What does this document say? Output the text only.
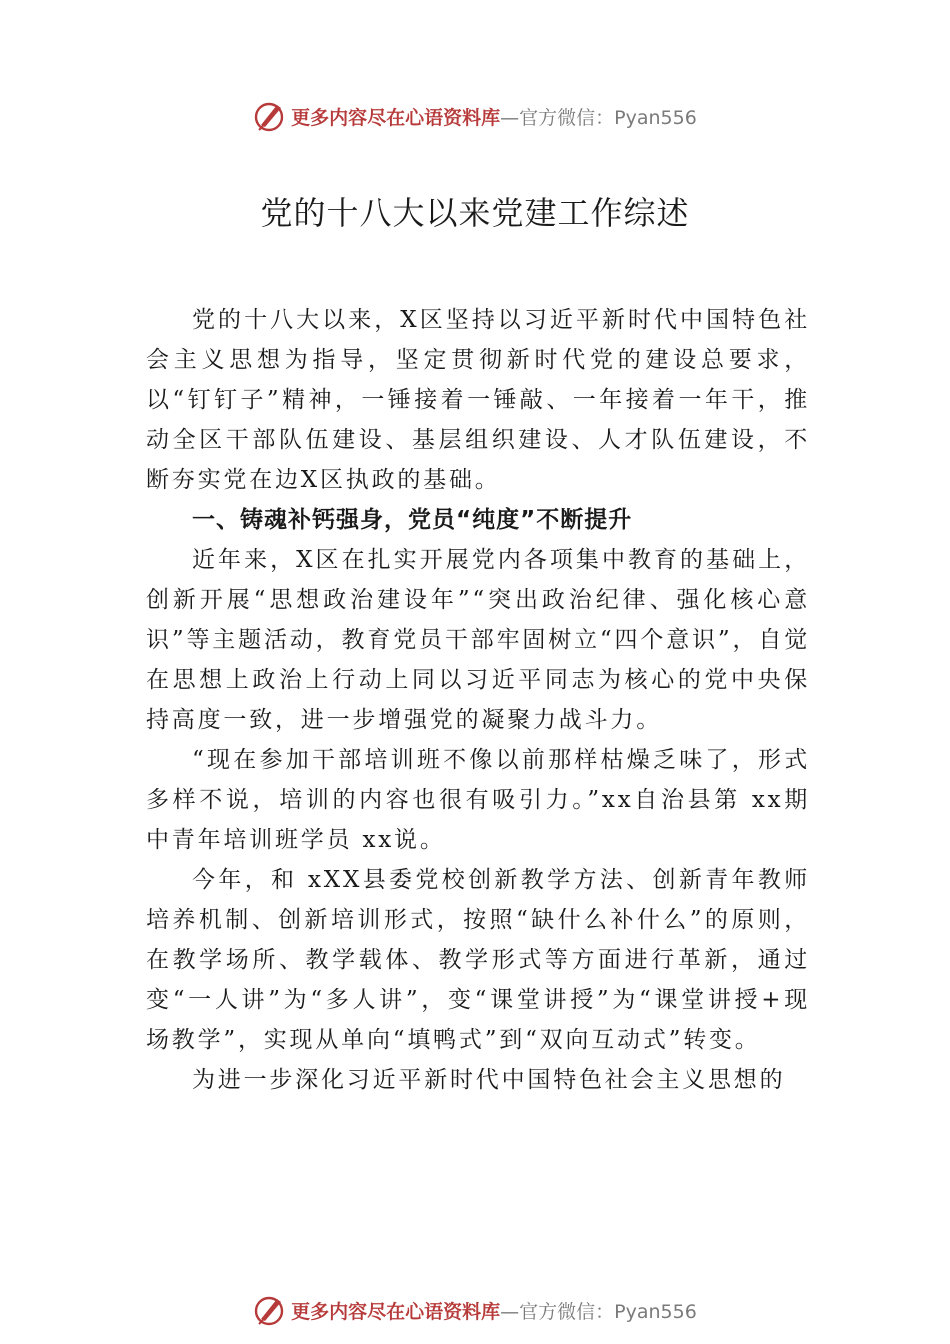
更多内容尽在心语资料库—官方微信：Pyan556
党的十八大以来党建工作综述

党的十八大以来，X区坚持以习近平新时代中国特色社会主义思想为指导，坚定贯彻新时代党的建设总要求，以“钉钉子”精神，一锤接着一锤敲、一年接着一年干，推动全区干部队伍建设、基层组织建设、人才队伍建设，不断夯实党在边X区执政的基础。

一、铸魂补钙强身，党员“纯度”不断提升

近年来，X区在扎实开展党内各项集中教育的基础上， 创新开展“思想政治建设年”“突出政治纪律、强化核心意识”等主题活动，教育党员干部牢固树立“四个意识”，自觉在思想上政治上行动上同以习近平同志为核心的党中央保持高度一致，进一步增强党的凝聚力战斗力。

“现在参加干部培训班不像以前那样枯燥乏味了，形式多样不说，培训的内容也很有吸引力。”xx自治县第 xx期中青年培训班学员 xx说。

今年，和 xXX县委党校创新教学方法、创新青年教师培养机制、创新培训形式，按照“缺什么补什么”的原则，在教学场所、教学载体、教学形式等方面进行革新，通过变“一人讲”为“多人讲”，变“课堂讲授”为“课堂讲授+现场教学”，实现从单向“填鸭式”到“双向互动式”转变。

为进一步深化习近平新时代中国特色社会主义思想的

更多内容尽在心语资料库—官方微信：Pyan556
